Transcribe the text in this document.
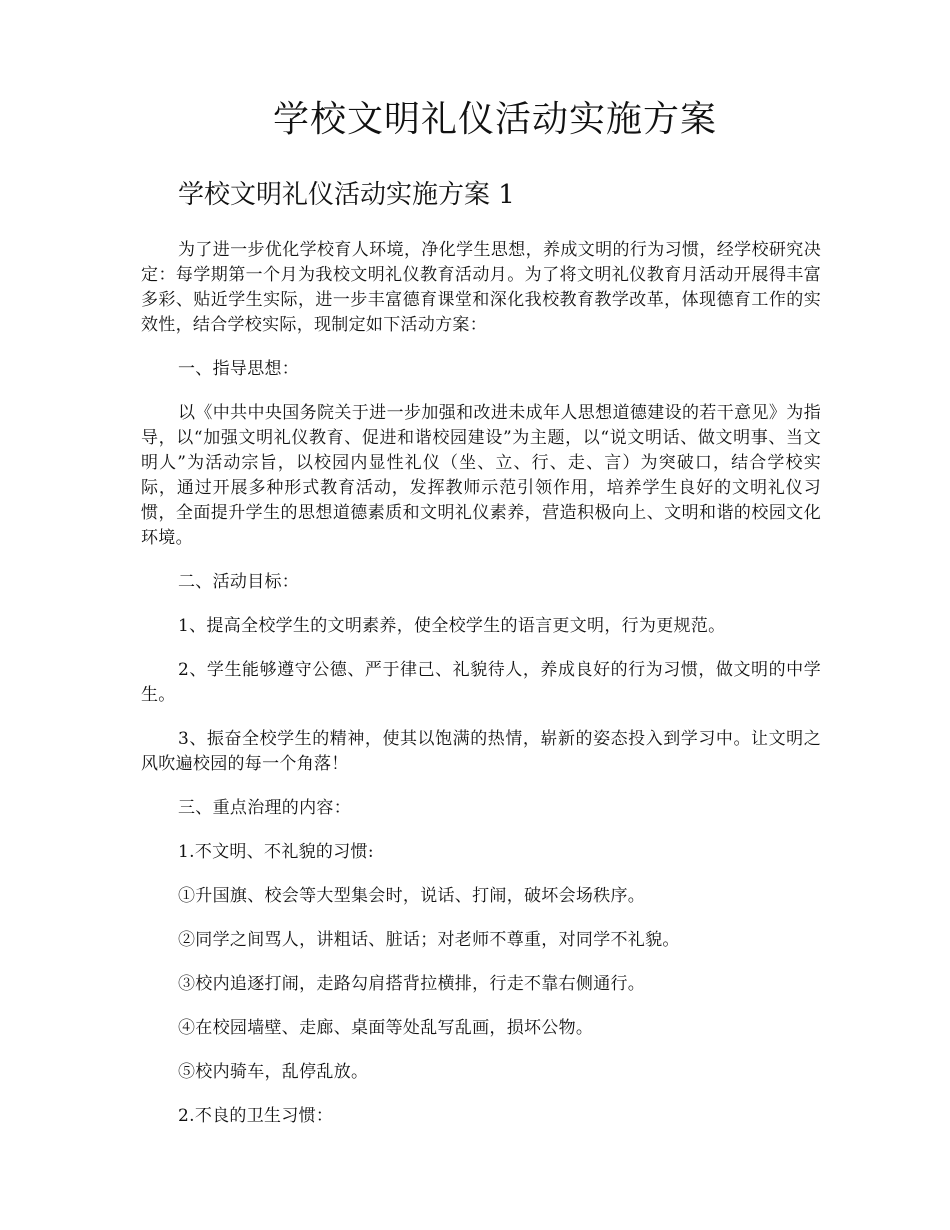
学校文明礼仪活动实施方案
学校文明礼仪活动实施方案 1

为了进一步优化学校育人环境，净化学生思想，养成文明的行为习惯，经学校研究决定：每学期第一个月为我校文明礼仪教育活动月。为了将文明礼仪教育月活动开展得丰富多彩、贴近学生实际，进一步丰富德育课堂和深化我校教育教学改革，体现德育工作的实效性，结合学校实际，现制定如下活动方案：

一、指导思想：

以《中共中央国务院关于进一步加强和改进未成年人思想道德建设的若干意见》为指导，以“加强文明礼仪教育、促进和谐校园建设”为主题，以“说文明话、做文明事、当文明人”为活动宗旨，以校园内显性礼仪（坐、立、行、走、言）为突破口，结合学校实际，通过开展多种形式教育活动，发挥教师示范引领作用，培养学生良好的文明礼仪习惯，全面提升学生的思想道德素质和文明礼仪素养，营造积极向上、文明和谐的校园文化环境。

二、活动目标：

1、提高全校学生的文明素养，使全校学生的语言更文明，行为更规范。

2、学生能够遵守公德、严于律己、礼貌待人，养成良好的行为习惯，做文明的中学生。

3、振奋全校学生的精神，使其以饱满的热情，崭新的姿态投入到学习中。让文明之风吹遍校园的每一个角落！

三、重点治理的内容：

1.不文明、不礼貌的习惯:

①升国旗、校会等大型集会时，说话、打闹，破坏会场秩序。

②同学之间骂人，讲粗话、脏话；对老师不尊重，对同学不礼貌。

③校内追逐打闹，走路勾肩搭背拉横排，行走不靠右侧通行。

④在校园墙壁、走廊、桌面等处乱写乱画，损坏公物。

⑤校内骑车，乱停乱放。

2.不良的卫生习惯：
